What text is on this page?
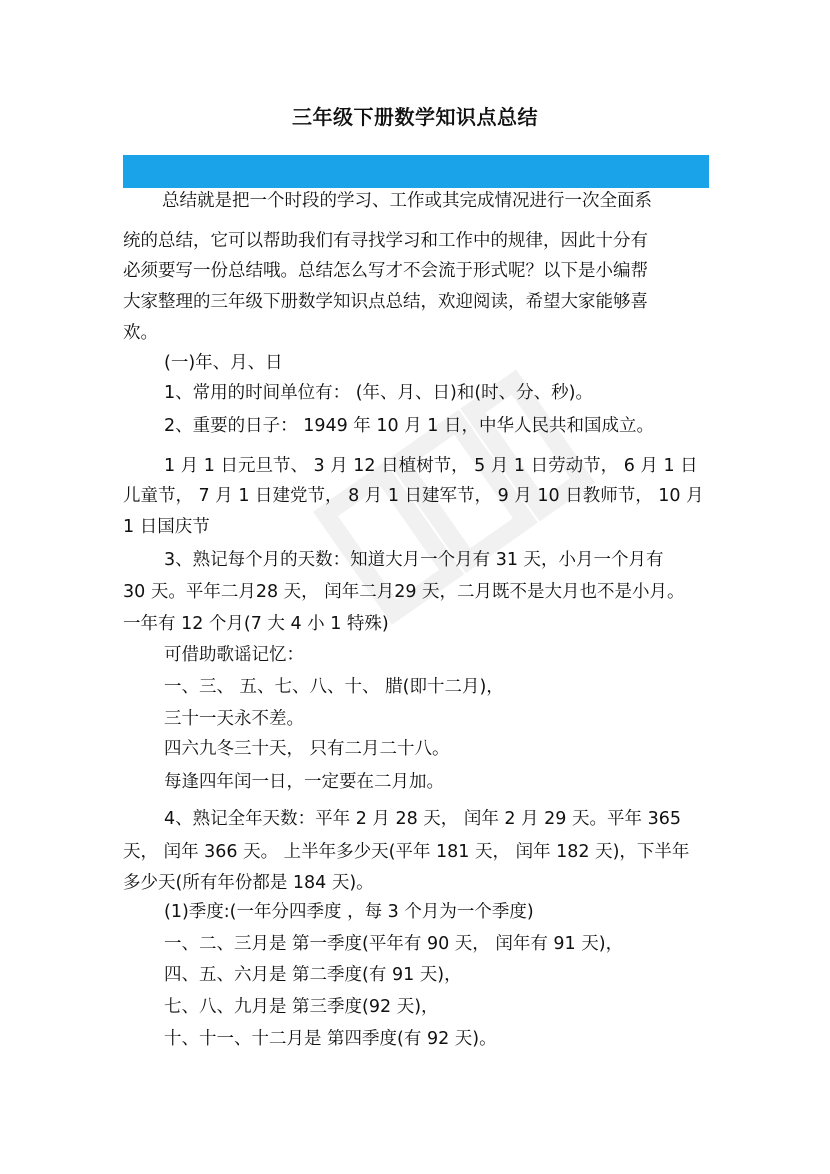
三年级下册数学知识点总结
总结就是把一个时段的学习、工作或其完成情况进行一次全面系
统的总结，它可以帮助我们有寻找学习和工作中的规律，因此十分有
必须要写一份总结哦。总结怎么写才不会流于形式呢？以下是小编帮
大家整理的三年级下册数学知识点总结，欢迎阅读，希望大家能够喜
欢。
(一)年、月、日
1、常用的时间单位有： (年、月、日)和(时、分、秒)。
2、重要的日子： 1949 年 10 月 1 日，中华人民共和国成立。
1 月 1 日元旦节、 3 月 12 日植树节， 5 月 1 日劳动节， 6 月 1 日
儿童节， 7 月 1 日建党节， 8 月 1 日建军节， 9 月 10 日教师节， 10 月
1 日国庆节
3、熟记每个月的天数：知道大月一个月有 31 天，小月一个月有
30 天。平年二月28 天， 闰年二月29 天，二月既不是大月也不是小月。
一年有 12 个月(7 大 4 小 1 特殊)
可借助歌谣记忆：
一、三、 五、七、八、十、 腊(即十二月)，
三十一天永不差。
四六九冬三十天， 只有二月二十八。
每逢四年闰一日，一定要在二月加。
4、熟记全年天数：平年 2 月 28 天， 闰年 2 月 29 天。平年 365
天， 闰年 366 天。 上半年多少天(平年 181 天， 闰年 182 天)，下半年
多少天(所有年份都是 184 天)。
(1)季度:(一年分四季度 ，每 3 个月为一个季度)
一、二、三月是 第一季度(平年有 90 天， 闰年有 91 天)，
四、五、六月是 第二季度(有 91 天)，
七、八、九月是 第三季度(92 天)，
十、十一、十二月是 第四季度(有 92 天)。
